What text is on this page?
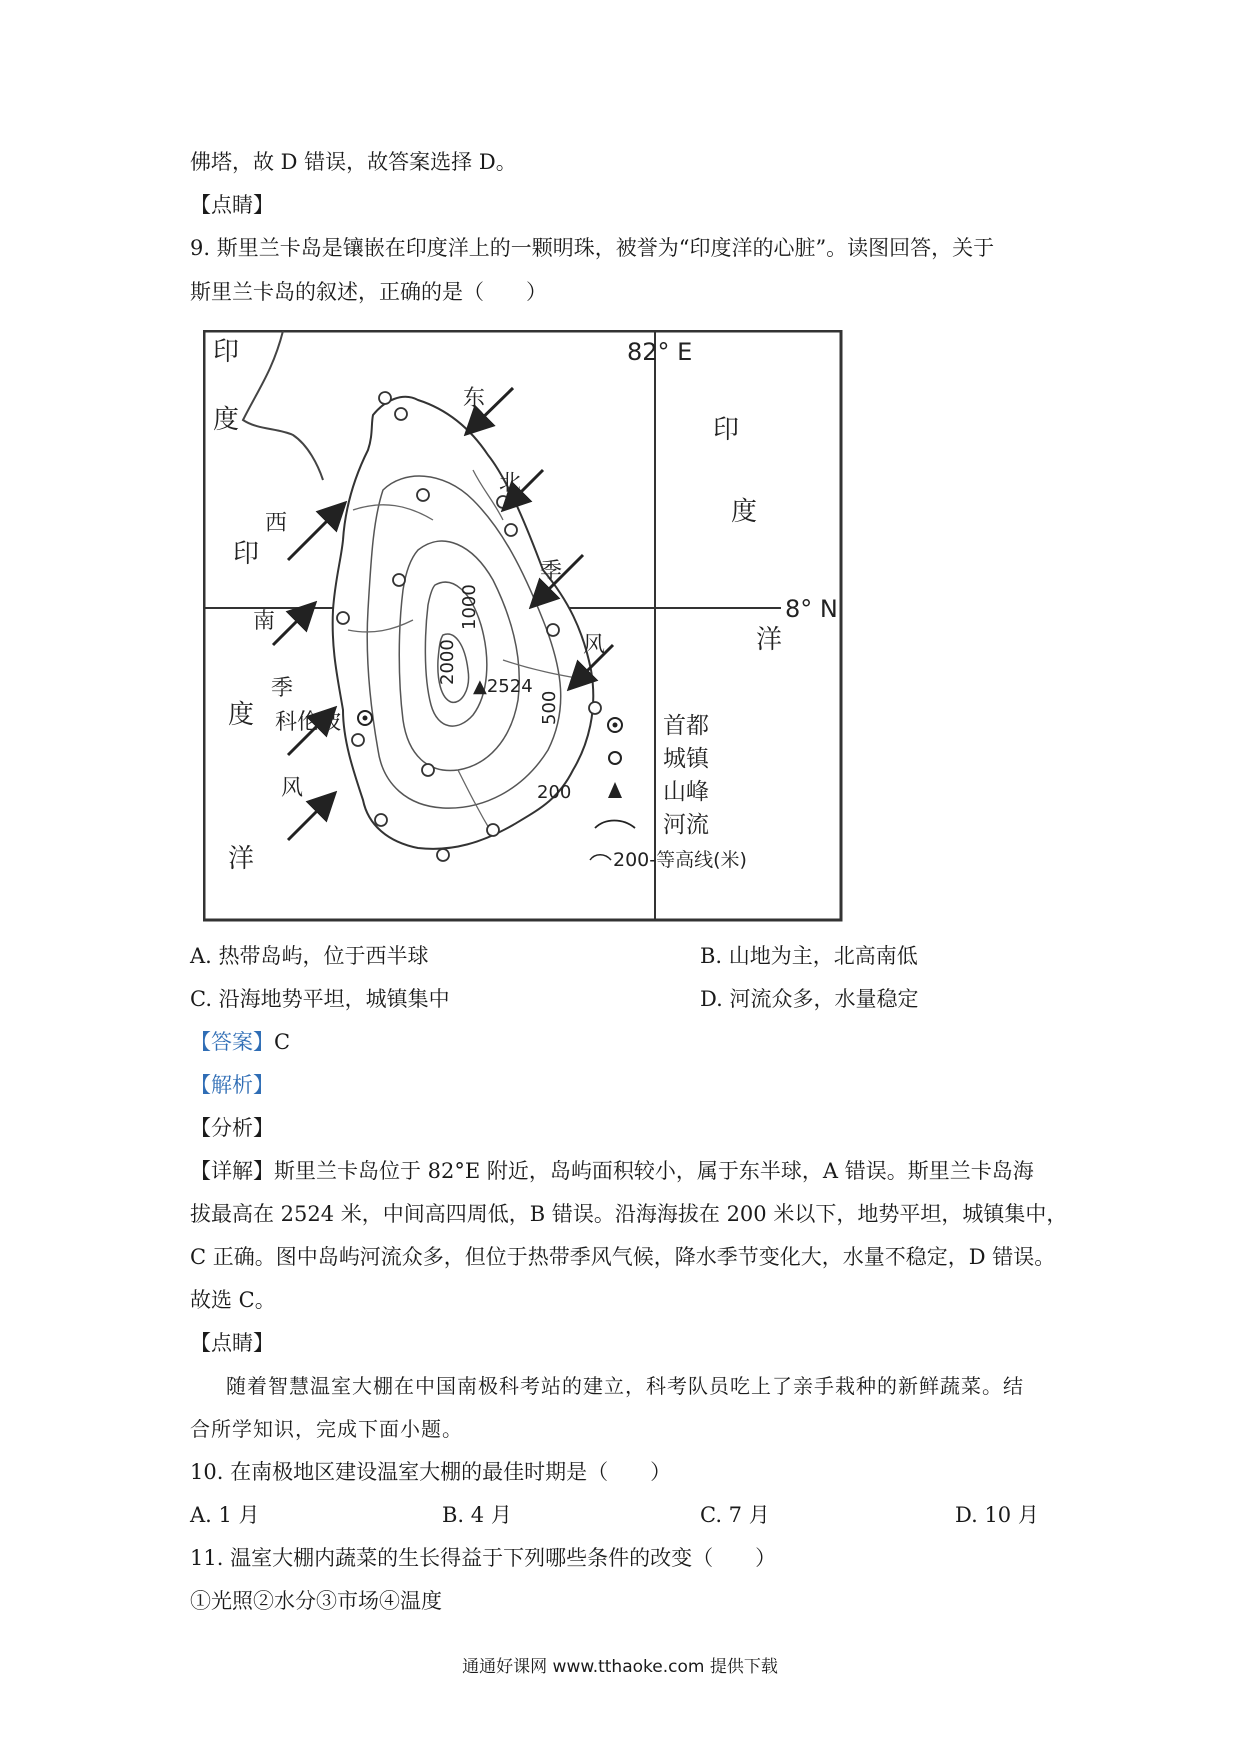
佛塔，故 D 错误，故答案选择 D。
【点睛】
9. 斯里兰卡岛是镶嵌在印度洋上的一颗明珠，被誉为“印度洋的心脏”。读图回答，关于
斯里兰卡岛的叙述，正确的是（　　）
82° E
8° N
科伦坡
▲2524
2000
1000
500
200
印
度
印
度
洋
印
度
洋
西
南
季
风
东
北
季
风
首都
城镇
山峰
河流
200-等高线(米)
A. 热带岛屿，位于西半球	B. 山地为主，北高南低
C. 沿海地势平坦，城镇集中	D. 河流众多，水量稳定
【答案】C
【解析】
【分析】
【详解】斯里兰卡岛位于 82°E 附近，岛屿面积较小，属于东半球，A 错误。斯里兰卡岛海
拔最高在 2524 米，中间高四周低，B 错误。沿海海拔在 200 米以下，地势平坦，城镇集中，
C 正确。图中岛屿河流众多，但位于热带季风气候，降水季节变化大，水量不稳定，D 错误。
故选 C。
【点睛】
随着智慧温室大棚在中国南极科考站的建立，科考队员吃上了亲手栽种的新鲜蔬菜。结
合所学知识，完成下面小题。
10. 在南极地区建设温室大棚的最佳时期是（　　）
A. 1 月	B. 4 月	C. 7 月	D. 10 月
11. 温室大棚内蔬菜的生长得益于下列哪些条件的改变（　　）
①光照②水分③市场④温度
通通好课网 www.tthaoke.com 提供下载
